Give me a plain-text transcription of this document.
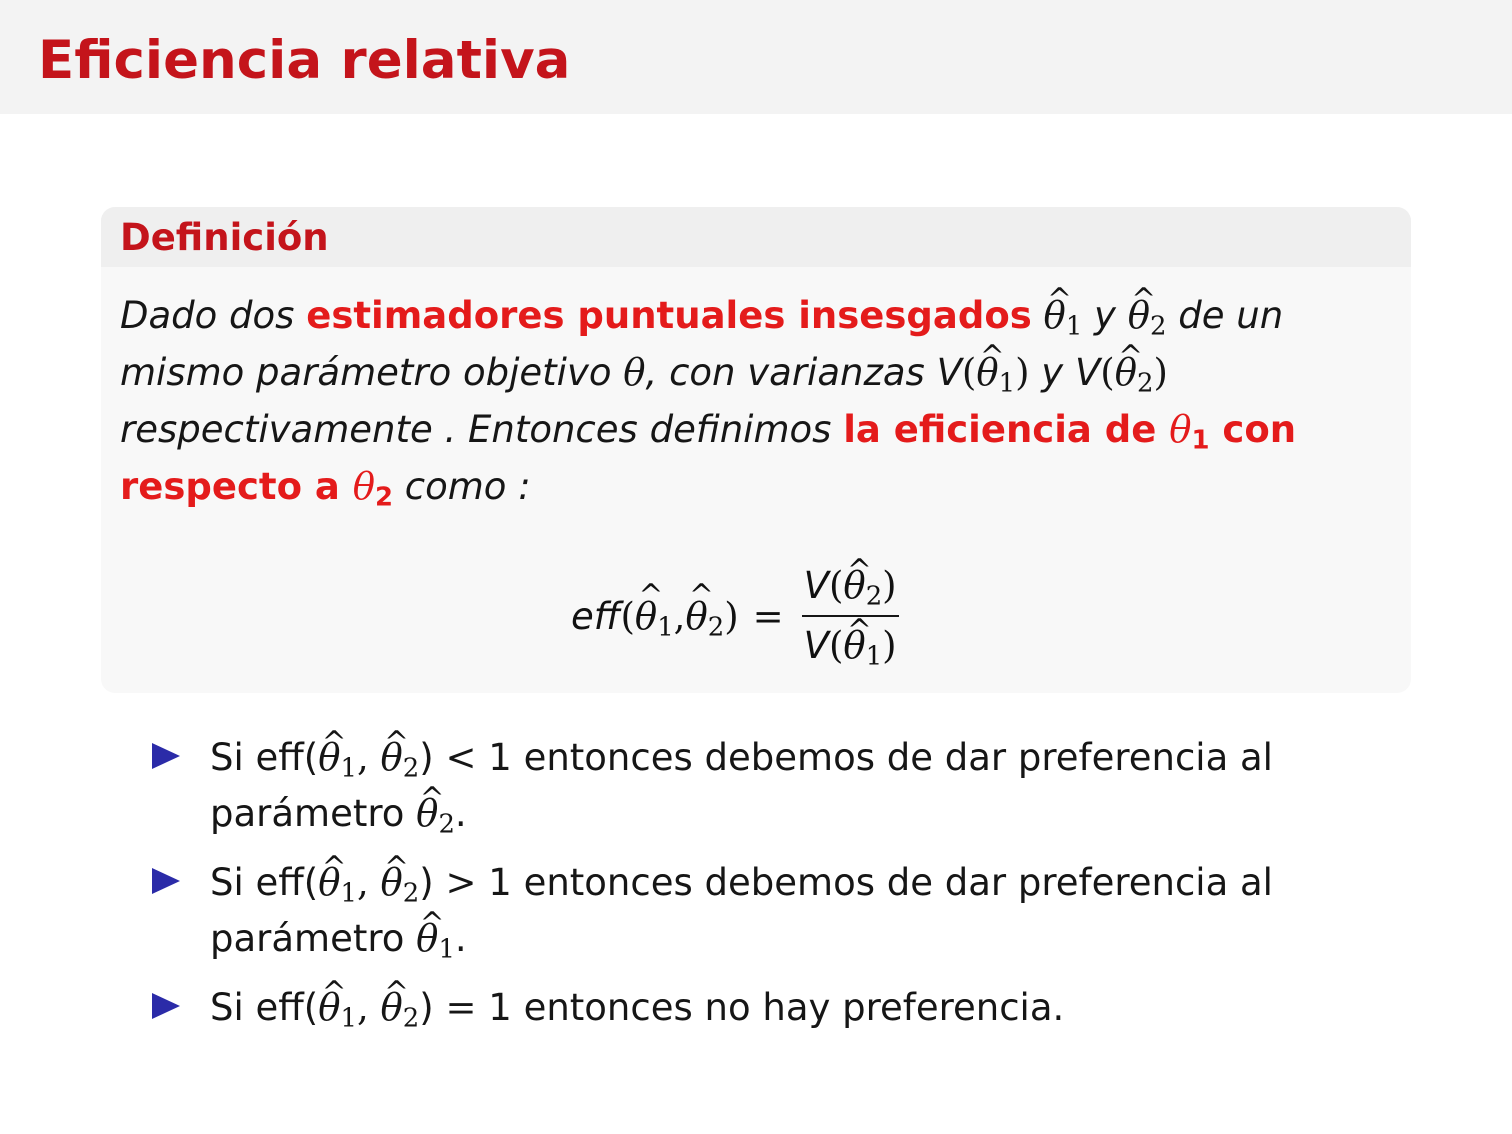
Eficiencia relativa
Definición
Dado dos estimadores puntuales insesgados ^ $\theta_1$ y ^ $\theta_2$ de un
mismo parámetro objetivo θ, con varianzas V(^ $\theta_1$) y V(^ $\theta_2$)
respectivamente . Entonces definimos la eficiencia de $\theta_1$ con
respecto a $\theta_2$ como :
eff ( ^ $\theta_1$ , ^ $\theta_2$ ) = $\frac{V(\^{} \theta_2)}{V(\^{} \theta_1)}$
Si eff(^ $\theta_1$, ^ $\theta_2) < 1$ entonces debemos de dar preferencia al
parámetro ^ $\theta_2$.
Si eff(^ $\theta_1$, ^ $\theta_2) > 1$ entonces debemos de dar preferencia al
parámetro ^ $\theta_1$.
Si eff(^ $\theta_1$, ^ $\theta_2) = 1$ entonces no hay preferencia.
